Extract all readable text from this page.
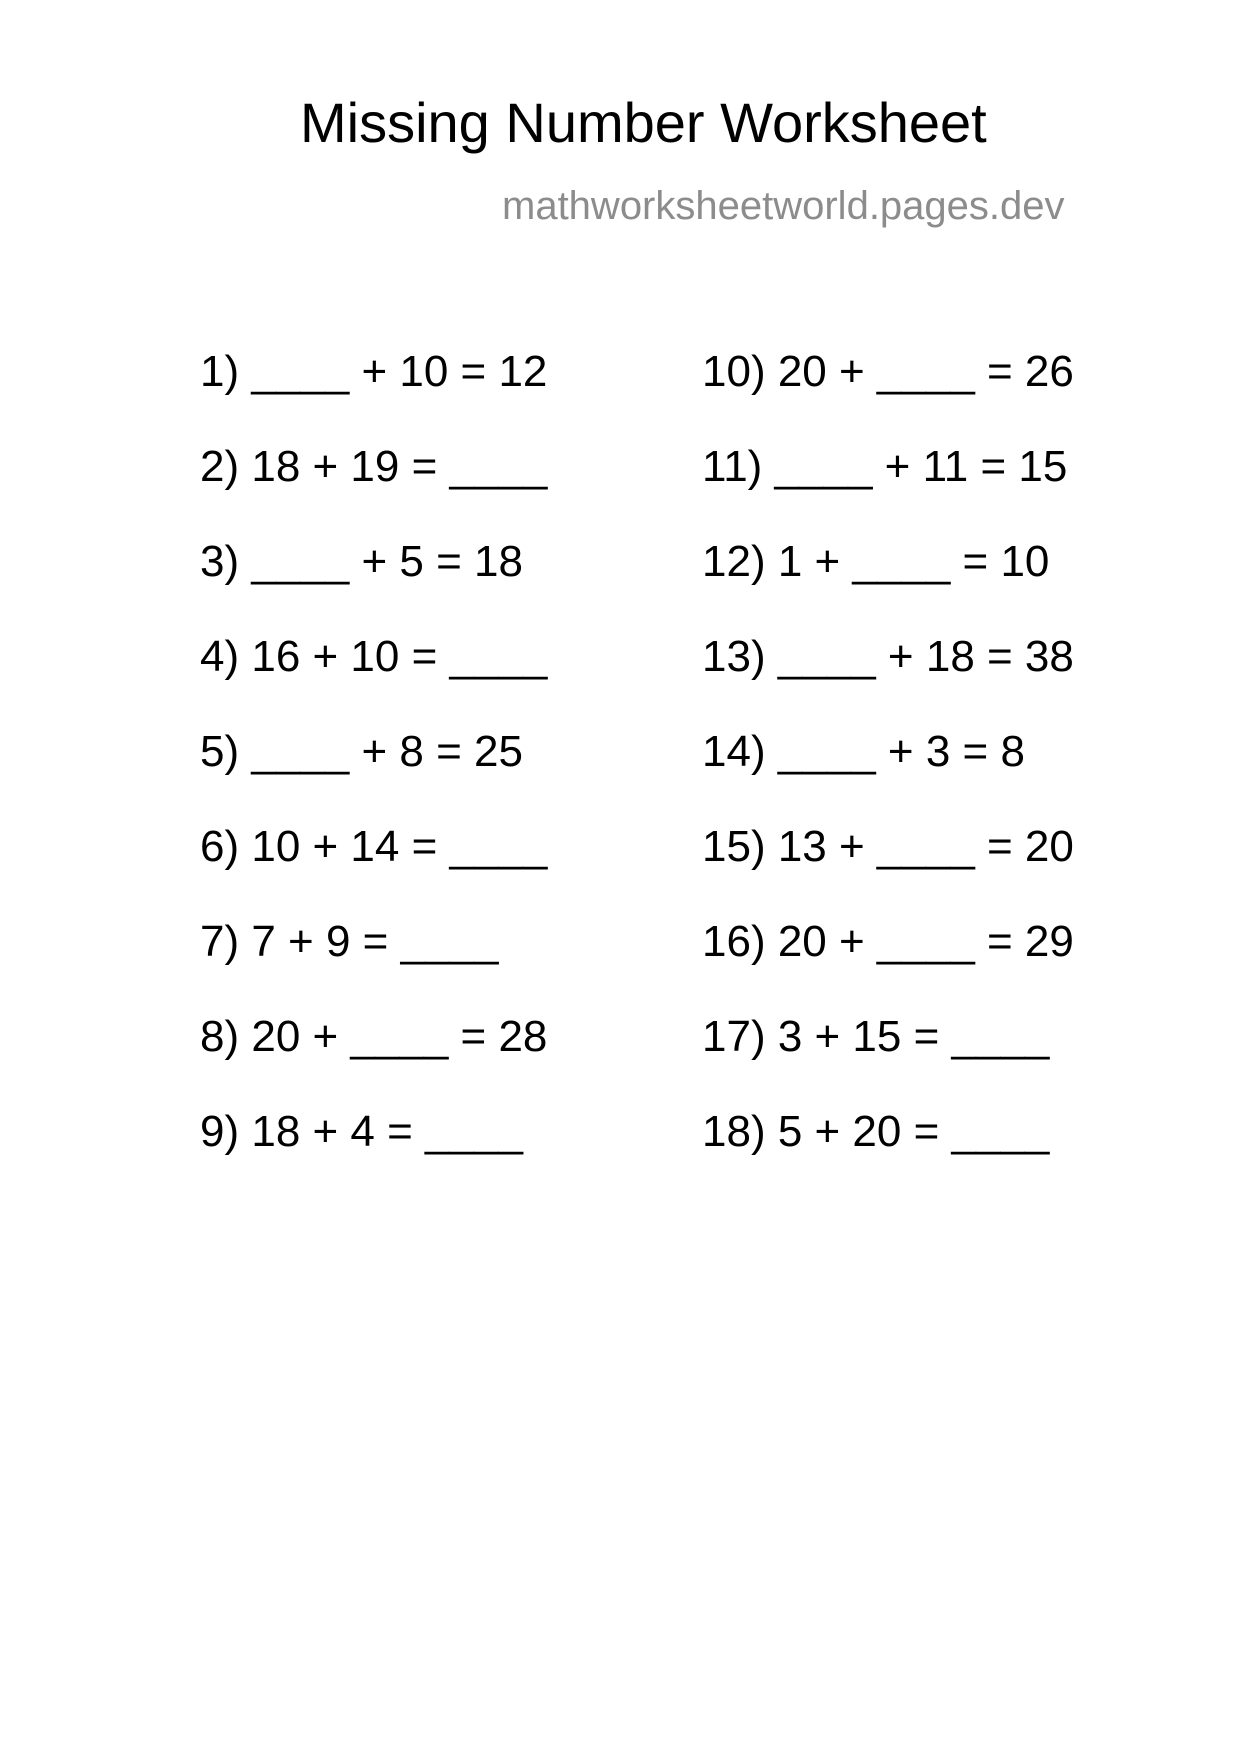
Missing Number Worksheet
mathworksheetworld.pages.dev
1) ____ + 10 = 12
2) 18 + 19 = ____
3) ____ + 5 = 18
4) 16 + 10 = ____
5) ____ + 8 = 25
6) 10 + 14 = ____
7) 7 + 9 = ____
8) 20 + ____ = 28
9) 18 + 4 = ____
10) 20 + ____ = 26
11) ____ + 11 = 15
12) 1 + ____ = 10
13) ____ + 18 = 38
14) ____ + 3 = 8
15) 13 + ____ = 20
16) 20 + ____ = 29
17) 3 + 15 = ____
18) 5 + 20 = ____
